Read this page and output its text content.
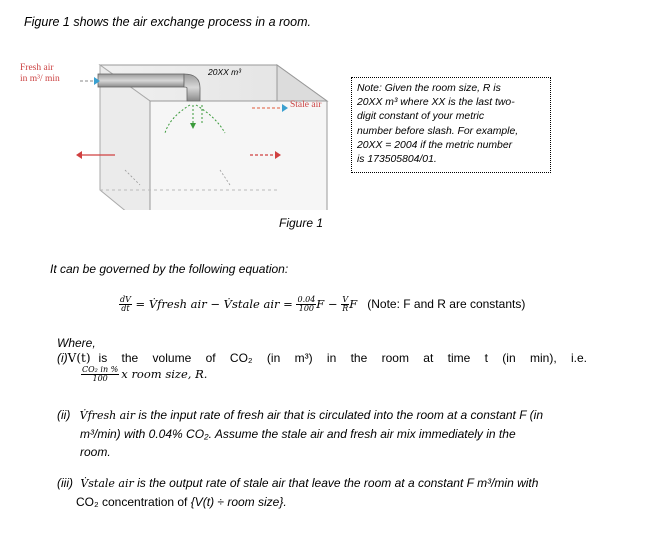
Figure 1 shows the air exchange process in a room.
Fresh air
in m³/ min
20XX m³
Stale air
Note: Given the room size, R is
20XX m³ where XX is the last two-
digit constant of your metric
number before slash. For example,
20XX = 2004 if the metric number
is 173505804/01.
Figure 1
It can be governed by the following equation:
$\frac{dV}{dt}$ = V̇fresh air − V̇stale air = $\frac{0.04}{100}$ $F - \frac{V}{R}$ F (Note: F and R are constants)
Where,
(i) V(t) is the volume of CO₂ (in m³) in the room at time t (in min), i.e.
$\frac{\text{CO₂ in \%}}{100}$ x room size, R.
(ii) V̇fresh air is the input rate of fresh air that is circulated into the room at a constant F (in
m³/min) with 0.04% CO₂. Assume the stale air and fresh air mix immediately in the
room.
(iii) V̇stale air is the output rate of stale air that leave the room at a constant F m³/min with
CO₂ concentration of {V(t) ÷ room size}.
